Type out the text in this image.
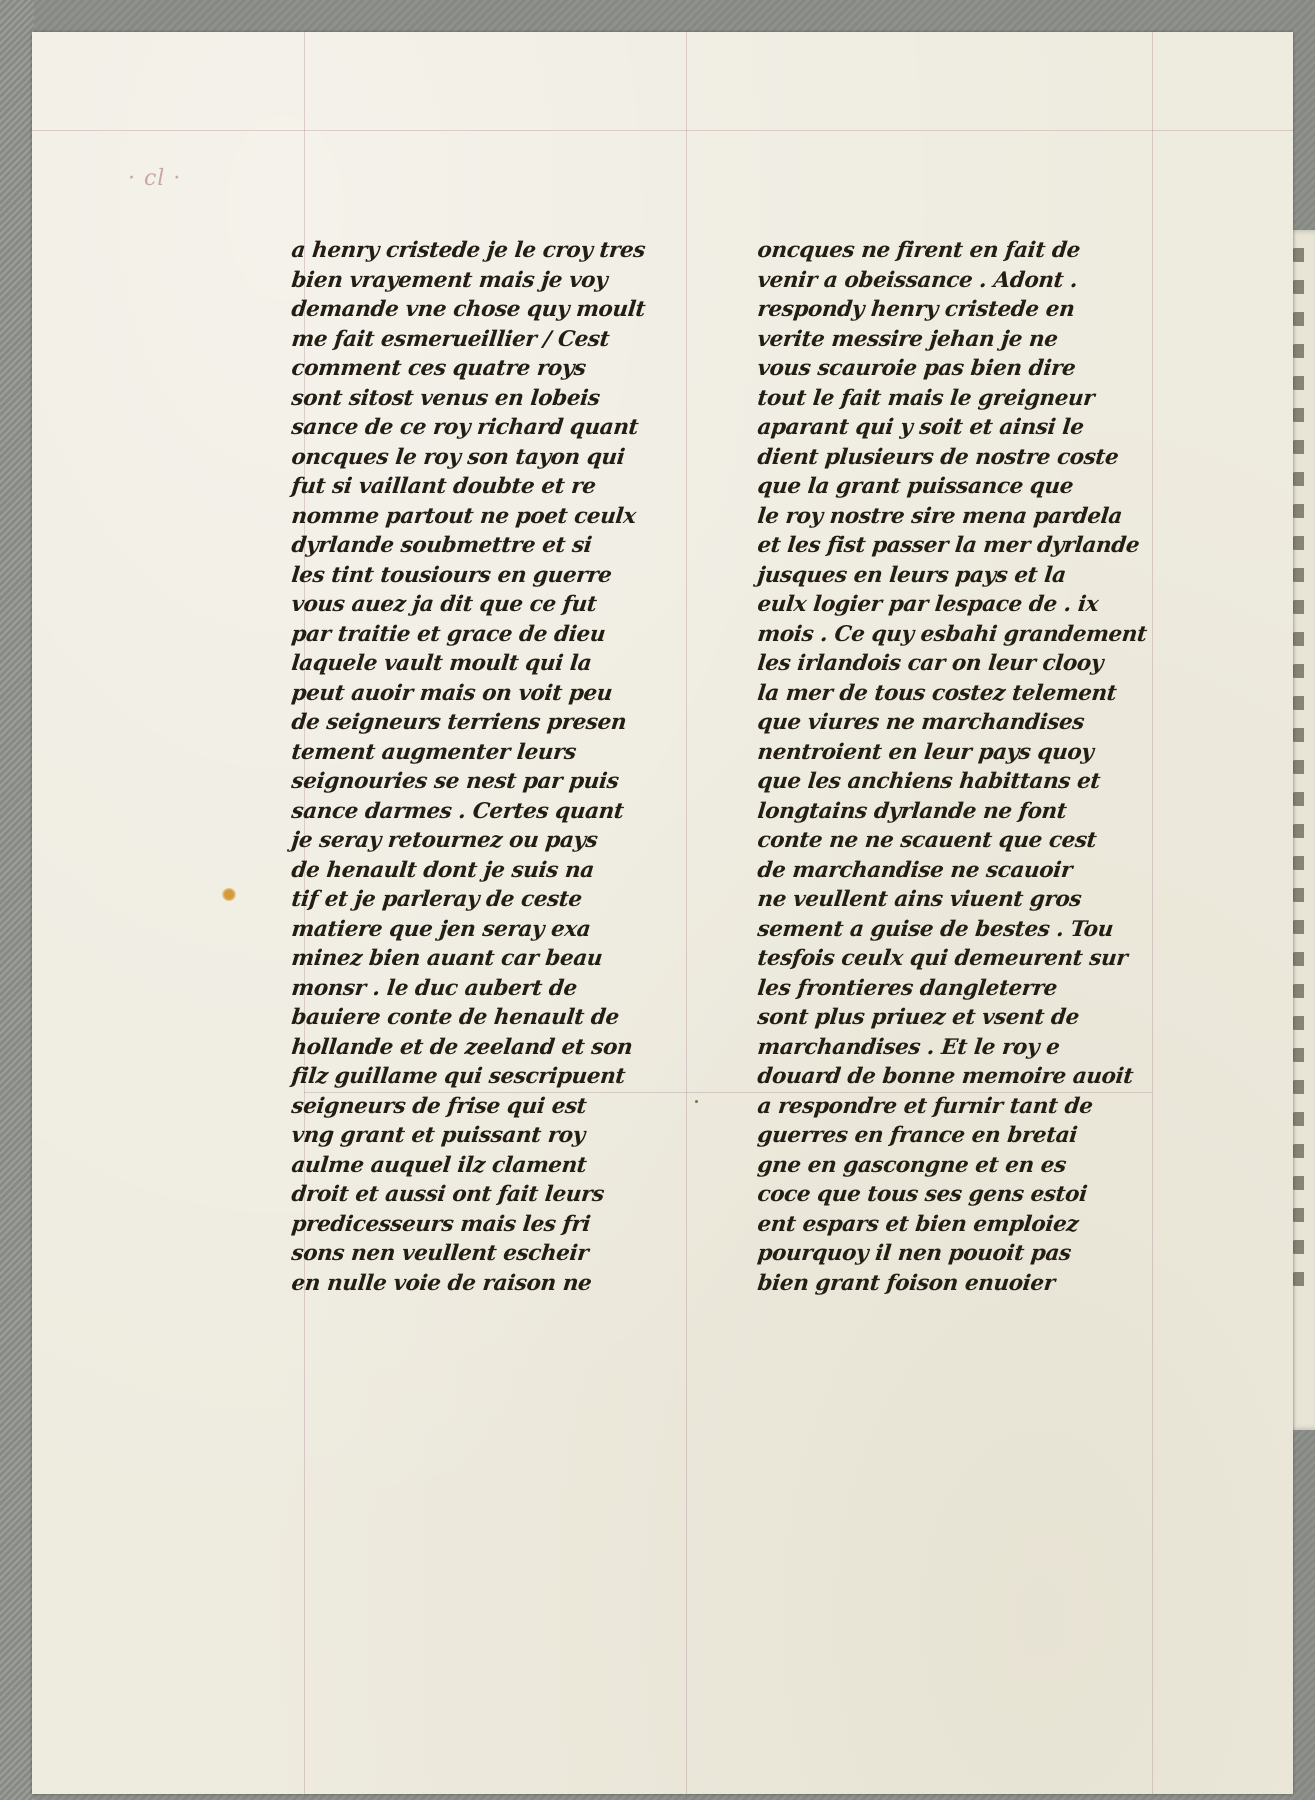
· cl ·
a henry cristede je le croy tres
bien vrayement mais je voy
demande vne chose quy moult
me fait esmerueillier / Cest
comment ces quatre roys
sont sitost venus en lobeis
sance de ce roy richard quant
oncques le roy son tayon qui
fut si vaillant doubte et re
nomme partout ne poet ceulx
dyrlande soubmettre et si
les tint tousiours en guerre
vous auez ja dit que ce fut
par traitie et grace de dieu
laquele vault moult qui la
peut auoir mais on voit peu
de seigneurs terriens presen
tement augmenter leurs
seignouries se nest par puis
sance darmes . Certes quant
je seray retournez ou pays
de henault dont je suis na
tif et je parleray de ceste
matiere que jen seray exa
minez bien auant car beau
monsr . le duc aubert de
bauiere conte de henault de
hollande et de zeeland et son
filz guillame qui sescripuent
seigneurs de frise qui est
vng grant et puissant roy
aulme auquel ilz clament
droit et aussi ont fait leurs
predicesseurs mais les fri
sons nen veullent escheir
en nulle voie de raison ne
oncques ne firent en fait de
venir a obeissance . Adont .
respondy henry cristede en
verite messire jehan je ne
vous scauroie pas bien dire
tout le fait mais le greigneur
aparant qui y soit et ainsi le
dient plusieurs de nostre coste
que la grant puissance que
le roy nostre sire mena pardela
et les fist passer la mer dyrlande
jusques en leurs pays et la
eulx logier par lespace de . ix
mois . Ce quy esbahi grandement
les irlandois car on leur clooy
la mer de tous costez telement
que viures ne marchandises
nentroient en leur pays quoy
que les anchiens habittans et
longtains dyrlande ne font
conte ne ne scauent que cest
de marchandise ne scauoir
ne veullent ains viuent gros
sement a guise de bestes . Tou
tesfois ceulx qui demeurent sur
les frontieres dangleterre
sont plus priuez et vsent de
marchandises . Et le roy e
douard de bonne memoire auoit
a respondre et furnir tant de
guerres en france en bretai
gne en gascongne et en es
coce que tous ses gens estoi
ent espars et bien emploiez
pourquoy il nen pouoit pas
bien grant foison enuoier
